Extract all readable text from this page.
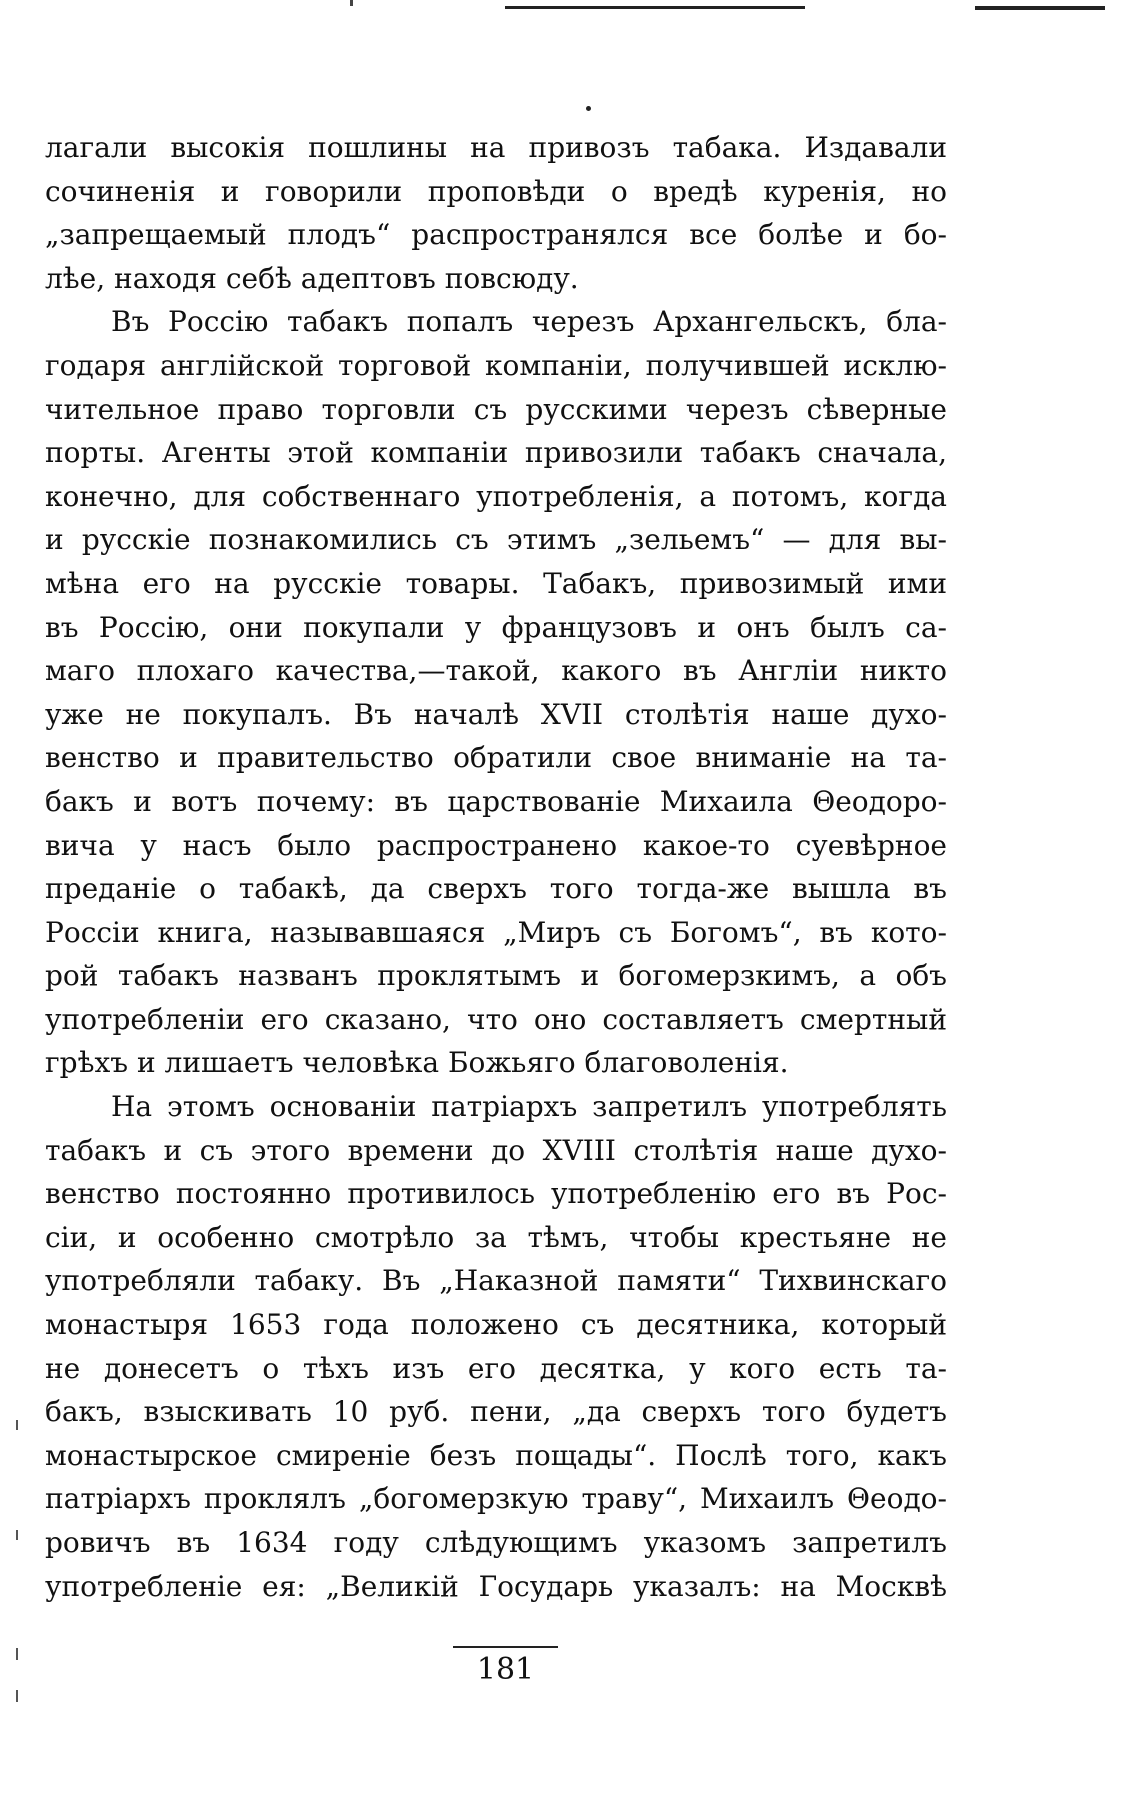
лагали высокія пошлины на привозъ табака. Издавали
сочиненія и говорили проповѣди о вредѣ куренія, но
„запрещаемый плодъ“ распространялся все болѣе и бо-
лѣе, находя себѣ адептовъ повсюду.
Въ Россію табакъ попалъ черезъ Архангельскъ, бла-
годаря англійской торговой компаніи, получившей исклю-
чительное право торговли съ русскими черезъ сѣверные
порты. Агенты этой компаніи привозили табакъ сначала,
конечно, для собственнаго употребленія, а потомъ, когда
и русскіе познакомились съ этимъ „зельемъ“ — для вы-
мѣна его на русскіе товары. Табакъ, привозимый ими
въ Россію, они покупали у французовъ и онъ былъ са-
маго плохаго качества,—такой, какого въ Англіи никто
уже не покупалъ. Въ началѣ XVII столѣтія наше духо-
венство и правительство обратили свое вниманіе на та-
бакъ и вотъ почему: въ царствованіе Михаила Θеодоро-
вича у насъ было распространено какое-то суевѣрное
преданіе о табакѣ, да сверхъ того тогда-же вышла въ
Россіи книга, называвшаяся „Миръ съ Богомъ“, въ кото-
рой табакъ названъ проклятымъ и богомерзкимъ, а объ
употребленіи его сказано, что оно составляетъ смертный
грѣхъ и лишаетъ человѣка Божьяго благоволенія.
На этомъ основаніи патріархъ запретилъ употреблять
табакъ и съ этого времени до XVIII столѣтія наше духо-
венство постоянно противилось употребленію его въ Рос-
сіи, и особенно смотрѣло за тѣмъ, чтобы крестьяне не
употребляли табаку. Въ „Наказной памяти“ Тихвинскаго
монастыря 1653 года положено съ десятника, который
не донесетъ о тѣхъ изъ его десятка, у кого есть та-
бакъ, взыскивать 10 руб. пени, „да сверхъ того будетъ
монастырское смиреніе безъ пощады“. Послѣ того, какъ
патріархъ проклялъ „богомерзкую траву“, Михаилъ Θеодо-
ровичъ въ 1634 году слѣдующимъ указомъ запретилъ
употребленіе ея: „Великій Государь указалъ: на Москвѣ
181
